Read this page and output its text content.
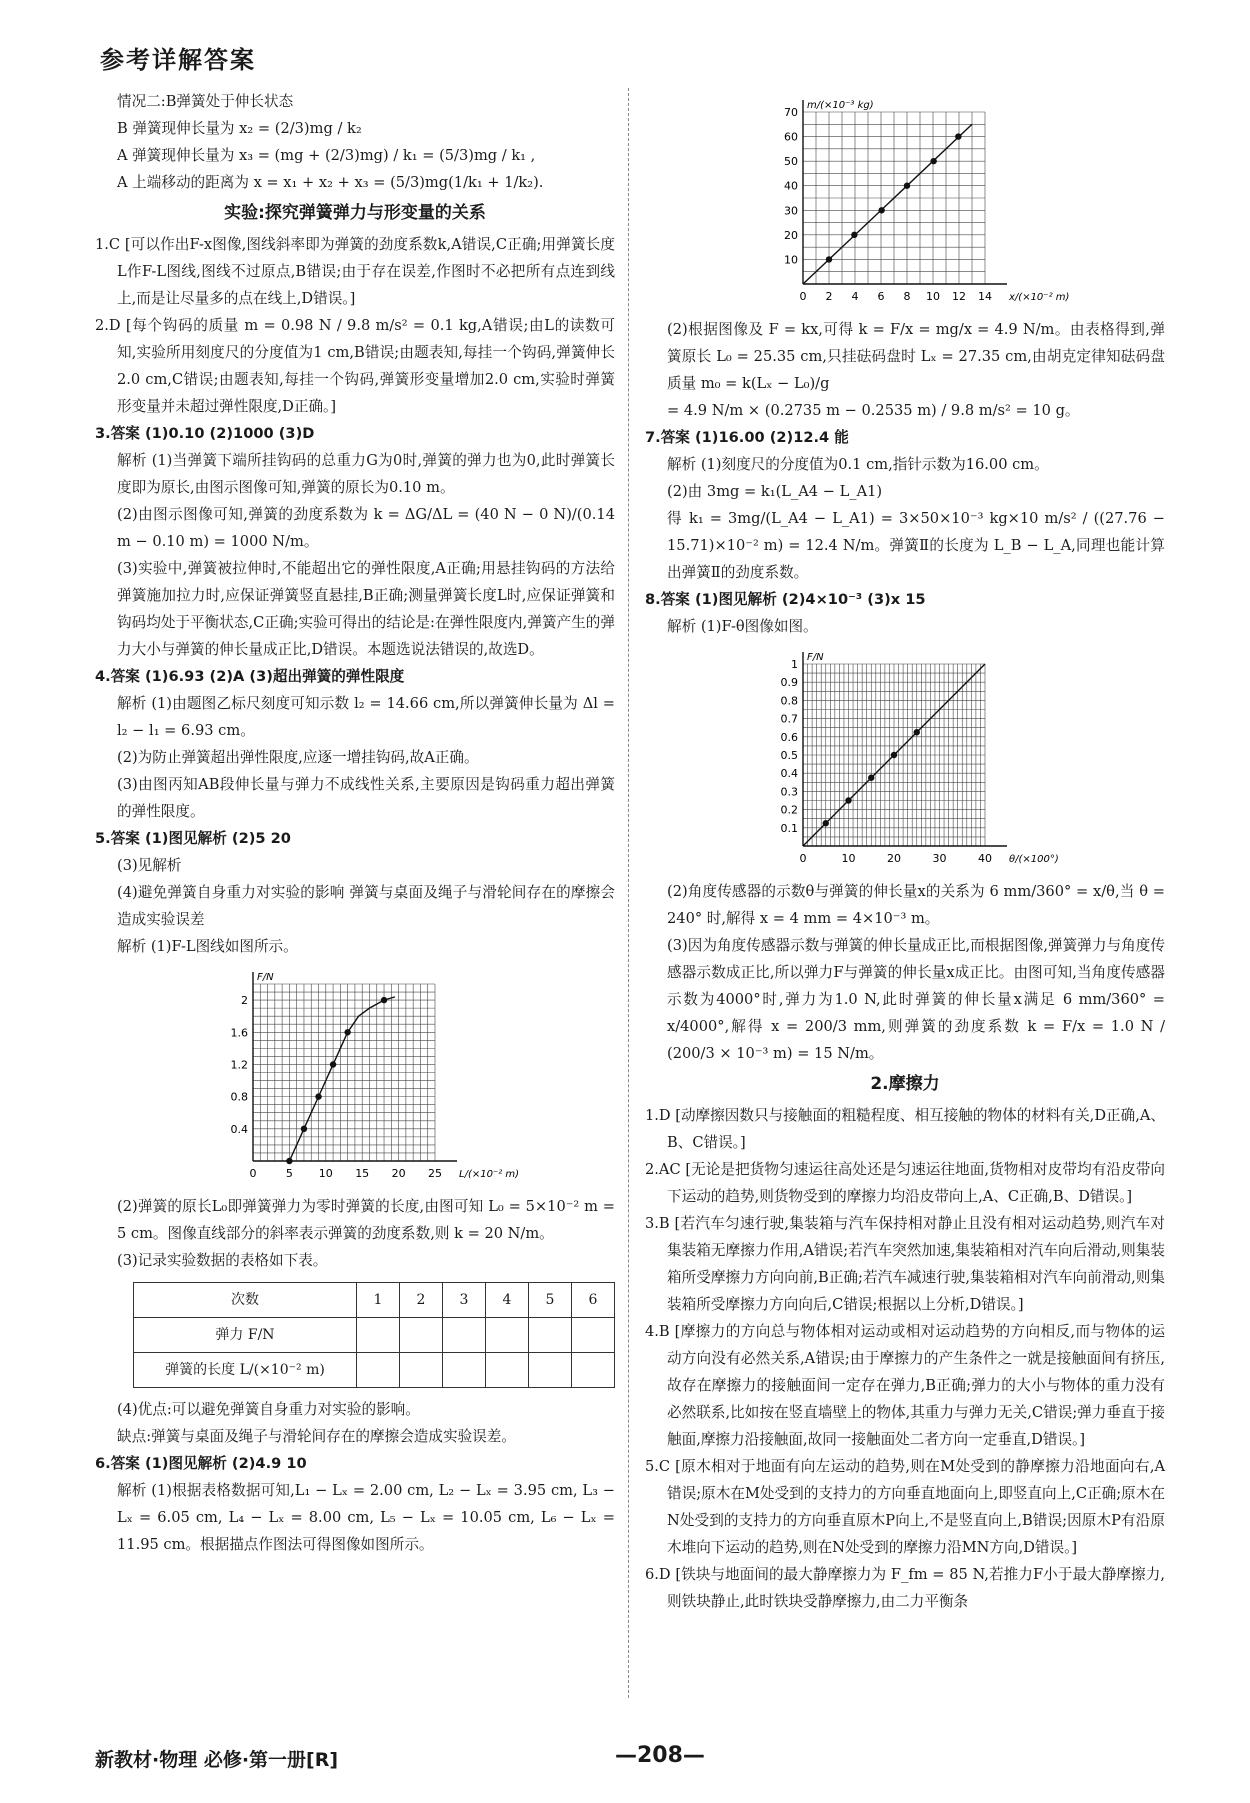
参考详解答案

情况二:B弹簧处于伸长状态

B 弹簧现伸长量为 x₂ = (2/3)mg / k₂

A 弹簧现伸长量为 x₃ = (mg + (2/3)mg) / k₁ = (5/3)mg / k₁ ,

A 上端移动的距离为 x = x₁ + x₂ + x₃ = (5/3)mg(1/k₁ + 1/k₂).

实验:探究弹簧弹力与形变量的关系

1.C [可以作出F-x图像,图线斜率即为弹簧的劲度系数k,A错误,C正确;用弹簧长度L作F-L图线,图线不过原点,B错误;由于存在误差,作图时不必把所有点连到线上,而是让尽量多的点在线上,D错误。]

2.D [每个钩码的质量 m = 0.98 N / 9.8 m/s² = 0.1 kg,A错误;由L的读数可知,实验所用刻度尺的分度值为1 cm,B错误;由题表知,每挂一个钩码,弹簧伸长2.0 cm,C错误;由题表知,每挂一个钩码,弹簧形变量增加2.0 cm,实验时弹簧形变量并未超过弹性限度,D正确。]

3.答案 (1)0.10 (2)1000 (3)D

解析 (1)当弹簧下端所挂钩码的总重力G为0时,弹簧的弹力也为0,此时弹簧长度即为原长,由图示图像可知,弹簧的原长为0.10 m。

(2)由图示图像可知,弹簧的劲度系数为 k = ΔG/ΔL = (40 N − 0 N)/(0.14 m − 0.10 m) = 1000 N/m。

(3)实验中,弹簧被拉伸时,不能超出它的弹性限度,A正确;用悬挂钩码的方法给弹簧施加拉力时,应保证弹簧竖直悬挂,B正确;测量弹簧长度L时,应保证弹簧和钩码均处于平衡状态,C正确;实验可得出的结论是:在弹性限度内,弹簧产生的弹力大小与弹簧的伸长量成正比,D错误。本题选说法错误的,故选D。

4.答案 (1)6.93 (2)A (3)超出弹簧的弹性限度

解析 (1)由题图乙标尺刻度可知示数 l₂ = 14.66 cm,所以弹簧伸长量为 Δl = l₂ − l₁ = 6.93 cm。

(2)为防止弹簧超出弹性限度,应逐一增挂钩码,故A正确。

(3)由图丙知AB段伸长量与弹力不成线性关系,主要原因是钩码重力超出弹簧的弹性限度。

5.答案 (1)图见解析 (2)5 20

(3)见解析

(4)避免弹簧自身重力对实验的影响 弹簧与桌面及绳子与滑轮间存在的摩擦会造成实验误差

解析 (1)F-L图线如图所示。

0	5 10 15 20 25
0.4
0.8
1.2
1.6
2
L/(×10⁻² m)
F/N

(2)弹簧的原长L₀即弹簧弹力为零时弹簧的长度,由图可知 L₀ = 5×10⁻² m = 5 cm。图像直线部分的斜率表示弹簧的劲度系数,则 k = 20 N/m。

(3)记录实验数据的表格如下表。

次数	1	2	3	4	5	6
弹力 F/N						
弹簧的长度 L/(×10⁻² m)						

(4)优点:可以避免弹簧自身重力对实验的影响。

缺点:弹簧与桌面及绳子与滑轮间存在的摩擦会造成实验误差。

6.答案 (1)图见解析 (2)4.9 10

解析 (1)根据表格数据可知,L₁ − Lₓ = 2.00 cm, L₂ − Lₓ = 3.95 cm, L₃ − Lₓ = 6.05 cm, L₄ − Lₓ = 8.00 cm, L₅ − Lₓ = 10.05 cm, L₆ − Lₓ = 11.95 cm。根据描点作图法可得图像如图所示。

0 2 4 6 8 10 12 14
10
20
30
40
50
60
70
x/(×10⁻² m)
m/(×10⁻³ kg)

(2)根据图像及 F = kx,可得 k = F/x = mg/x = 4.9 N/m。由表格得到,弹簧原长 L₀ = 25.35 cm,只挂砝码盘时 Lₓ = 27.35 cm,由胡克定律知砝码盘质量 m₀ = k(Lₓ − L₀)/g

= 4.9 N/m × (0.2735 m − 0.2535 m) / 9.8 m/s² = 10 g。

7.答案 (1)16.00 (2)12.4 能

解析 (1)刻度尺的分度值为0.1 cm,指针示数为16.00 cm。

(2)由 3mg = k₁(L_A4 − L_A1)

得 k₁ = 3mg/(L_A4 − L_A1) = 3×50×10⁻³ kg×10 m/s² / ((27.76 − 15.71)×10⁻² m) = 12.4 N/m。弹簧Ⅱ的长度为 L_B − L_A,同理也能计算出弹簧Ⅱ的劲度系数。

8.答案 (1)图见解析 (2)4×10⁻³ (3)x 15

解析 (1)F-θ图像如图。

0	10	20	30	40
0.1
0.2
0.3
0.4
0.5
0.6
0.7
0.8
0.9
1
θ/(×100°)
F/N

(2)角度传感器的示数θ与弹簧的伸长量x的关系为 6 mm/360° = x/θ,当 θ = 240° 时,解得 x = 4 mm = 4×10⁻³ m。

(3)因为角度传感器示数与弹簧的伸长量成正比,而根据图像,弹簧弹力与角度传感器示数成正比,所以弹力F与弹簧的伸长量x成正比。由图可知,当角度传感器示数为4000°时,弹力为1.0 N,此时弹簧的伸长量x满足 6 mm/360° = x/4000°,解得 x = 200/3 mm,则弹簧的劲度系数 k = F/x = 1.0 N / (200/3 × 10⁻³ m) = 15 N/m。

2.摩擦力

1.D [动摩擦因数只与接触面的粗糙程度、相互接触的物体的材料有关,D正确,A、B、C错误。]

2.AC [无论是把货物匀速运往高处还是匀速运往地面,货物相对皮带均有沿皮带向下运动的趋势,则货物受到的摩擦力均沿皮带向上,A、C正确,B、D错误。]

3.B [若汽车匀速行驶,集装箱与汽车保持相对静止且没有相对运动趋势,则汽车对集装箱无摩擦力作用,A错误;若汽车突然加速,集装箱相对汽车向后滑动,则集装箱所受摩擦力方向向前,B正确;若汽车减速行驶,集装箱相对汽车向前滑动,则集装箱所受摩擦力方向向后,C错误;根据以上分析,D错误。]

4.B [摩擦力的方向总与物体相对运动或相对运动趋势的方向相反,而与物体的运动方向没有必然关系,A错误;由于摩擦力的产生条件之一就是接触面间有挤压,故存在摩擦力的接触面间一定存在弹力,B正确;弹力的大小与物体的重力没有必然联系,比如按在竖直墙壁上的物体,其重力与弹力无关,C错误;弹力垂直于接触面,摩擦力沿接触面,故同一接触面处二者方向一定垂直,D错误。]

5.C [原木相对于地面有向左运动的趋势,则在M处受到的静摩擦力沿地面向右,A错误;原木在M处受到的支持力的方向垂直地面向上,即竖直向上,C正确;原木在N处受到的支持力的方向垂直原木P向上,不是竖直向上,B错误;因原木P有沿原木堆向下运动的趋势,则在N处受到的摩擦力沿MN方向,D错误。]

6.D [铁块与地面间的最大静摩擦力为 F_fm = 85 N,若推力F小于最大静摩擦力,则铁块静止,此时铁块受静摩擦力,由二力平衡条

新教材·物理 必修·第一册[R]	—208—
